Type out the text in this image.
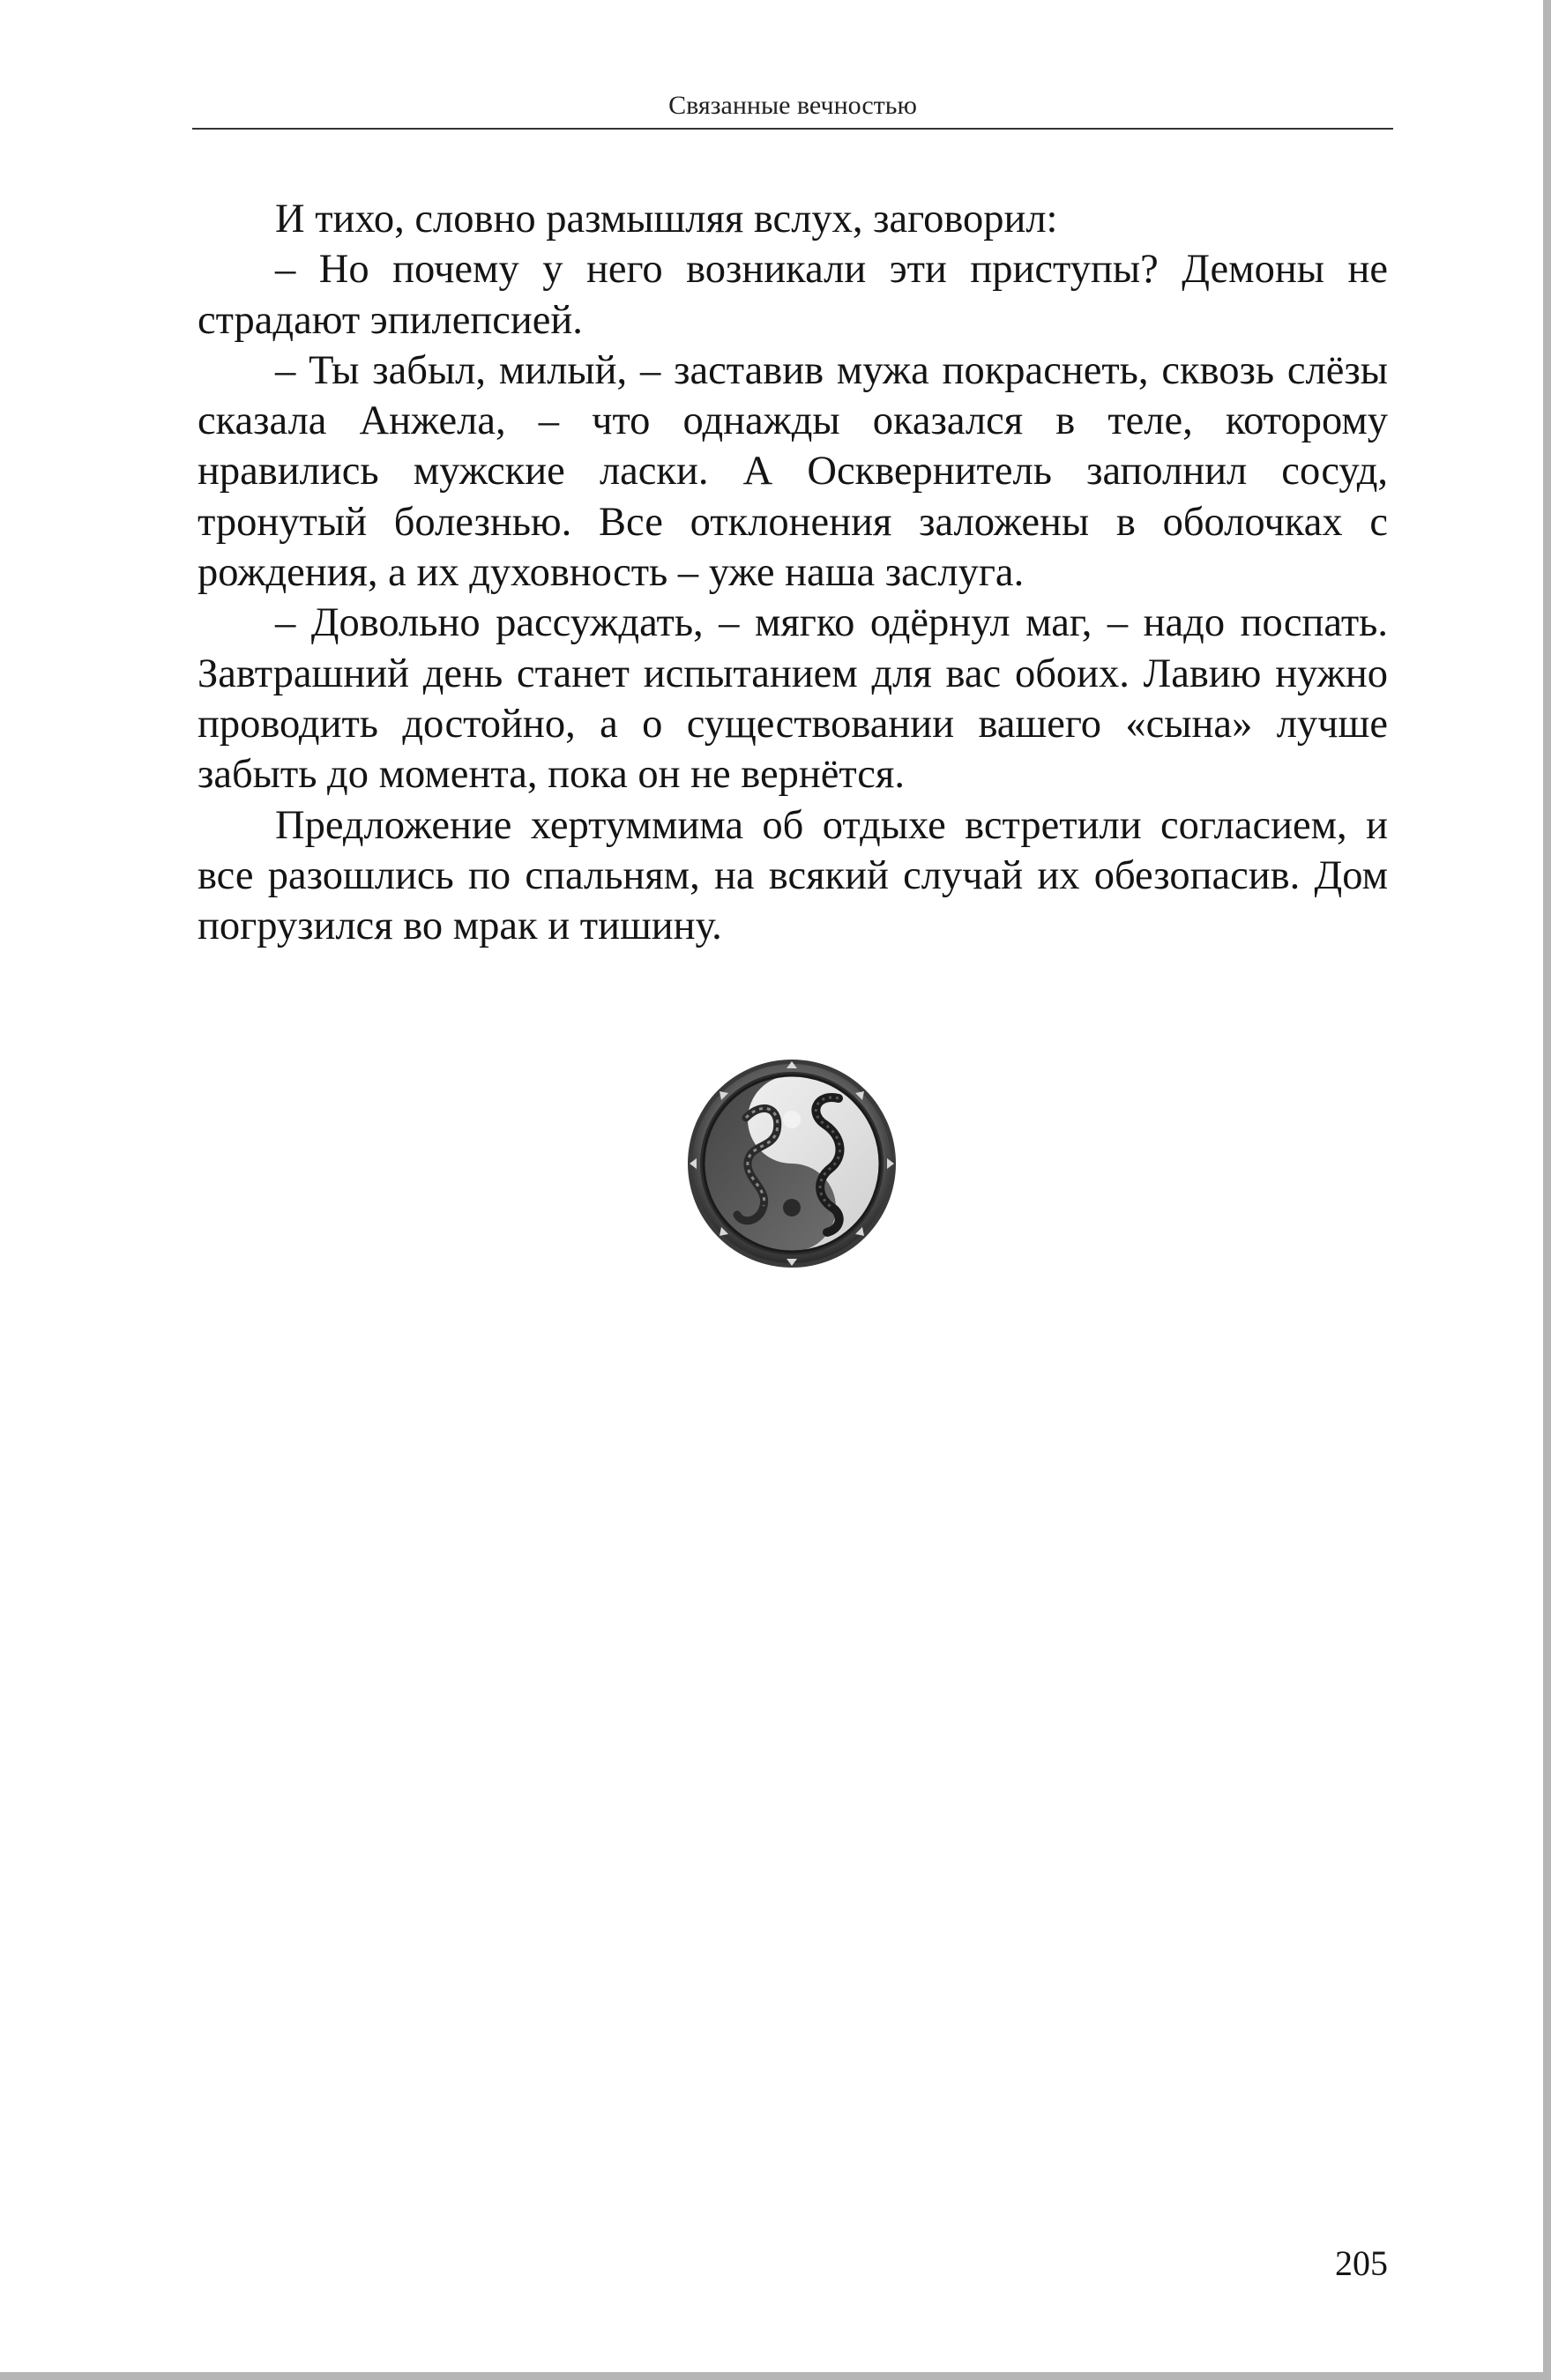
Связанные вечностью

И тихо, словно размышляя вслух, заговорил:

– Но почему у него возникали эти приступы? Демоны не страдают эпилепсией.

– Ты забыл, милый, – заставив мужа покраснеть, сквозь слёзы сказала Анжела, – что однажды оказался в теле, которому нравились мужские ласки. А Осквернитель заполнил сосуд, тронутый болезнью. Все отклонения заложены в оболочках с рождения, а их духовность – уже наша заслуга.

– Довольно рассуждать, – мягко одёрнул маг, – надо поспать. Завтрашний день станет испытанием для вас обоих. Лавию нужно проводить достойно, а о существовании вашего «сына» лучше забыть до момента, пока он не вернётся.

Предложение хертуммима об отдыхе встретили согласием, и все разошлись по спальням, на всякий случай их обезопасив. Дом погрузился во мрак и тишину.

205
